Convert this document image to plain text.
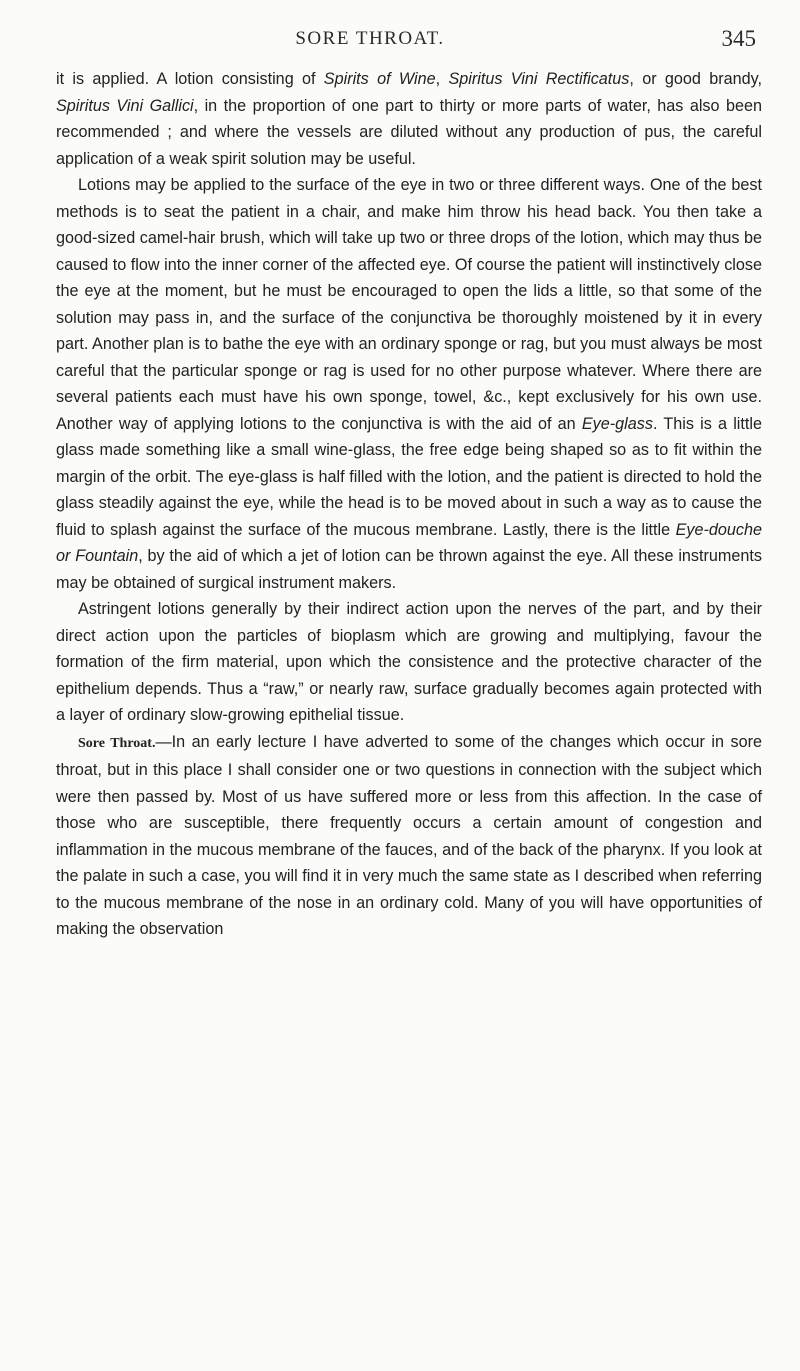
SORE THROAT.	345

it is applied. A lotion consisting of Spirits of Wine, Spiritus Vini Rectificatus, or good brandy, Spiritus Vini Gallici, in the proportion of one part to thirty or more parts of water, has also been recommended ; and where the vessels are diluted without any production of pus, the careful application of a weak spirit solution may be useful.

Lotions may be applied to the surface of the eye in two or three different ways. One of the best methods is to seat the patient in a chair, and make him throw his head back. You then take a good-sized camel-hair brush, which will take up two or three drops of the lotion, which may thus be caused to flow into the inner corner of the affected eye. Of course the patient will instinctively close the eye at the moment, but he must be encouraged to open the lids a little, so that some of the solution may pass in, and the surface of the conjunctiva be thoroughly moistened by it in every part. Another plan is to bathe the eye with an ordinary sponge or rag, but you must always be most careful that the particular sponge or rag is used for no other purpose whatever. Where there are several patients each must have his own sponge, towel, &c., kept exclusively for his own use. Another way of applying lotions to the conjunctiva is with the aid of an Eye-glass. This is a little glass made something like a small wine-glass, the free edge being shaped so as to fit within the margin of the orbit. The eye-glass is half filled with the lotion, and the patient is directed to hold the glass steadily against the eye, while the head is to be moved about in such a way as to cause the fluid to splash against the surface of the mucous membrane. Lastly, there is the little Eye-douche or Fountain, by the aid of which a jet of lotion can be thrown against the eye. All these instruments may be obtained of surgical instrument makers.

Astringent lotions generally by their indirect action upon the nerves of the part, and by their direct action upon the particles of bioplasm which are growing and multiplying, favour the formation of the firm material, upon which the consistence and the protective character of the epithelium depends. Thus a “raw,” or nearly raw, surface gradually becomes again protected with a layer of ordinary slow-growing epithelial tissue.

Sore Throat.—In an early lecture I have adverted to some of the changes which occur in sore throat, but in this place I shall consider one or two questions in connection with the subject which were then passed by. Most of us have suffered more or less from this affection. In the case of those who are susceptible, there frequently occurs a certain amount of congestion and inflammation in the mucous membrane of the fauces, and of the back of the pharynx. If you look at the palate in such a case, you will find it in very much the same state as I described when referring to the mucous membrane of the nose in an ordinary cold. Many of you will have opportunities of making the observation
